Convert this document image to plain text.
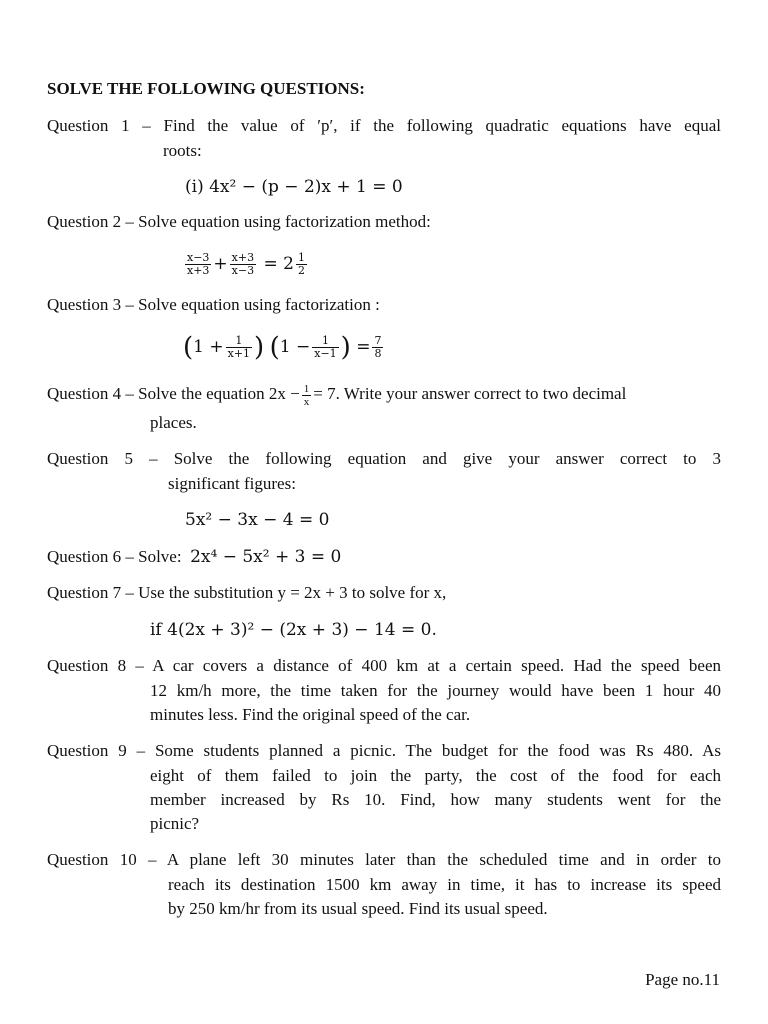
SOLVE THE FOLLOWING QUESTIONS:
Question 1 – Find the value of ′p′, if the following quadratic equations have equal
roots:
(i) 4x² − (p − 2)x + 1 = 0
Question 2 – Solve equation using factorization method:
$\frac{x-3}{x+3} + \frac{x+3}{x-3} = 2 \frac{1}{2}$
Question 3 – Solve equation using factorization :
($1 + \frac{1}{x+1}$ ) ($1 - \frac{1}{x-1}$ ) = $\frac{7}{8}$
Question 4 – Solve the equation $2x - \frac{1}{x} = 7$. Write your answer correct to two decimal
places.
Question 5 – Solve the following equation and give your answer correct to 3
significant figures:
5x² − 3x − 4 = 0
Question 6 – Solve: 2x⁴ − 5x² + 3 = 0
Question 7 – Use the substitution y = 2x + 3 to solve for x,
if 4(2x + 3)² − (2x + 3) − 14 = 0.
Question 8 – A car covers a distance of 400 km at a certain speed. Had the speed been
12 km/h more, the time taken for the journey would have been 1 hour 40
minutes less. Find the original speed of the car.
Question 9 – Some students planned a picnic. The budget for the food was Rs 480. As
eight of them failed to join the party, the cost of the food for each
member increased by Rs 10. Find, how many students went for the
picnic?
Question 10 – A plane left 30 minutes later than the scheduled time and in order to
reach its destination 1500 km away in time, it has to increase its speed
by 250 km/hr from its usual speed. Find its usual speed.
Page no.11
